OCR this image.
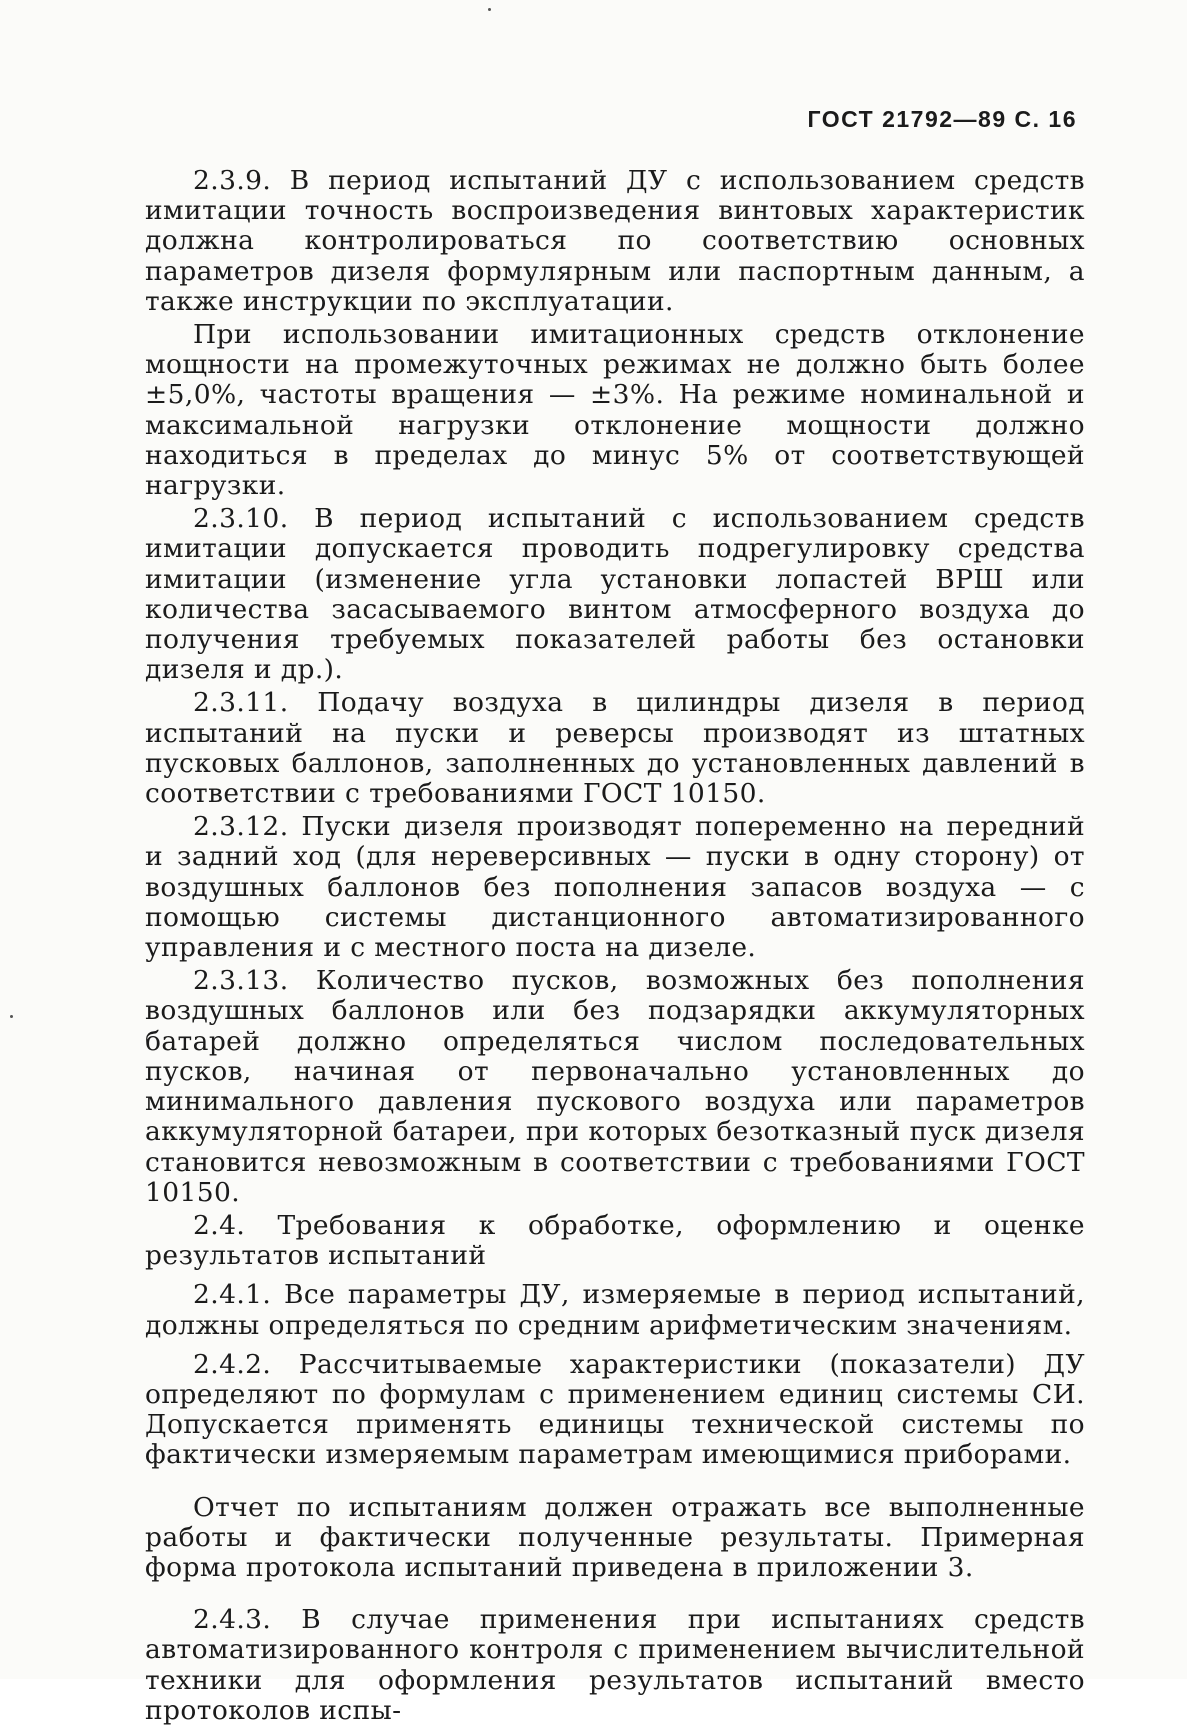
ГОСТ 21792—89 С. 16

2.3.9. В период испытаний ДУ с использованием средств имитации точность воспроизведения винтовых характеристик должна контролироваться по соответствию основных параметров дизеля формулярным или паспортным данным, а также инструкции по эксплуатации.

При использовании имитационных средств отклонение мощности на промежуточных режимах не должно быть более ±5,0%, частоты вращения — ±3%. На режиме номинальной и максимальной нагрузки отклонение мощности должно находиться в пределах до минус 5% от соответствующей нагрузки.

2.3.10. В период испытаний с использованием средств имитации допускается проводить подрегулировку средства имитации (изменение угла установки лопастей ВРШ или количества засасываемого винтом атмосферного воздуха до получения требуемых показателей работы без остановки дизеля и др.).

2.3.11. Подачу воздуха в цилиндры дизеля в период испытаний на пуски и реверсы производят из штатных пусковых баллонов, заполненных до установленных давлений в соответствии с требованиями ГОСТ 10150.

2.3.12. Пуски дизеля производят попеременно на передний и задний ход (для нереверсивных — пуски в одну сторону) от воздушных баллонов без пополнения запасов воздуха — с помощью системы дистанционного автоматизированного управления и с местного поста на дизеле.

2.3.13. Количество пусков, возможных без пополнения воздушных баллонов или без подзарядки аккумуляторных батарей должно определяться числом последовательных пусков, начиная от первоначально установленных до минимального давления пускового воздуха или параметров аккумуляторной батареи, при которых безотказный пуск дизеля становится невозможным в соответствии с требованиями ГОСТ 10150.

2.4. Требования к обработке, оформлению и оценке результатов испытаний

2.4.1. Все параметры ДУ, измеряемые в период испытаний, должны определяться по средним арифметическим значениям.

2.4.2. Рассчитываемые характеристики (показатели) ДУ определяют по формулам с применением единиц системы СИ. Допускается применять единицы технической системы по фактически измеряемым параметрам имеющимися приборами.

Отчет по испытаниям должен отражать все выполненные работы и фактически полученные результаты. Примерная форма протокола испытаний приведена в приложении 3.

2.4.3. В случае применения при испытаниях средств автоматизированного контроля с применением вычислительной техники для оформления результатов испытаний вместо протоколов испы-
